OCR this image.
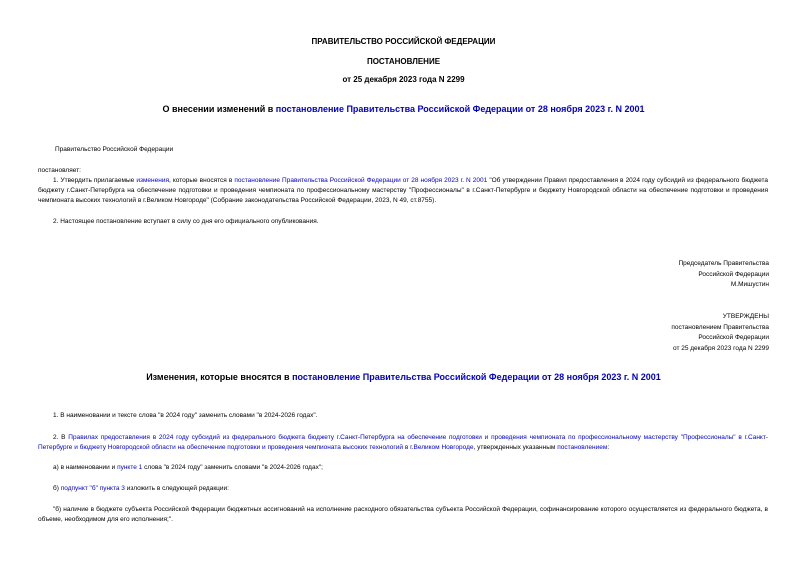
ПРАВИТЕЛЬСТВО РОССИЙСКОЙ ФЕДЕРАЦИИ
ПОСТАНОВЛЕНИЕ
от 25 декабря 2023 года N 2299
О внесении изменений в постановление Правительства Российской Федерации от 28 ноября 2023 г. N 2001
Правительство Российской Федерации
постановляет:
1. Утвердить прилагаемые изменения, которые вносятся в постановление Правительства Российской Федерации от 28 ноября 2023 г. N 2001 "Об утверждении Правил предоставления в 2024 году субсидий из федерального бюджета бюджету г.Санкт-Петербурга на обеспечение подготовки и проведения чемпионата по профессиональному мастерству "Профессионалы" в г.Санкт-Петербурге и бюджету Новгородской области на обеспечение подготовки и проведения чемпионата высоких технологий в г.Великом Новгороде" (Собрание законодательства Российской Федерации, 2023, N 49, ст.8755).
2. Настоящее постановление вступает в силу со дня его официального опубликования.
Председатель Правительства
Российской Федерации
М.Мишустин
УТВЕРЖДЕНЫ
постановлением Правительства
Российской Федерации
от 25 декабря 2023 года N 2299
Изменения, которые вносятся в постановление Правительства Российской Федерации от 28 ноября 2023 г. N 2001
1. В наименовании и тексте слова "в 2024 году" заменить словами "в 2024-2026 годах".
2. В Правилах предоставления в 2024 году субсидий из федерального бюджета бюджету г.Санкт-Петербурга на обеспечение подготовки и проведения чемпионата по профессиональному мастерству "Профессионалы" в г.Санкт-Петербурге и бюджету Новгородской области на обеспечение подготовки и проведения чемпионата высоких технологий в г.Великом Новгороде, утвержденных указанным постановлением:
а) в наименовании и пункте 1 слова "в 2024 году" заменить словами "в 2024-2026 годах";
б) подпункт "б" пункта 3 изложить в следующей редакции:
"б) наличие в бюджете субъекта Российской Федерации бюджетных ассигнований на исполнение расходного обязательства субъекта Российской Федерации, софинансирование которого осуществляется из федерального бюджета, в объеме, необходимом для его исполнения;".
